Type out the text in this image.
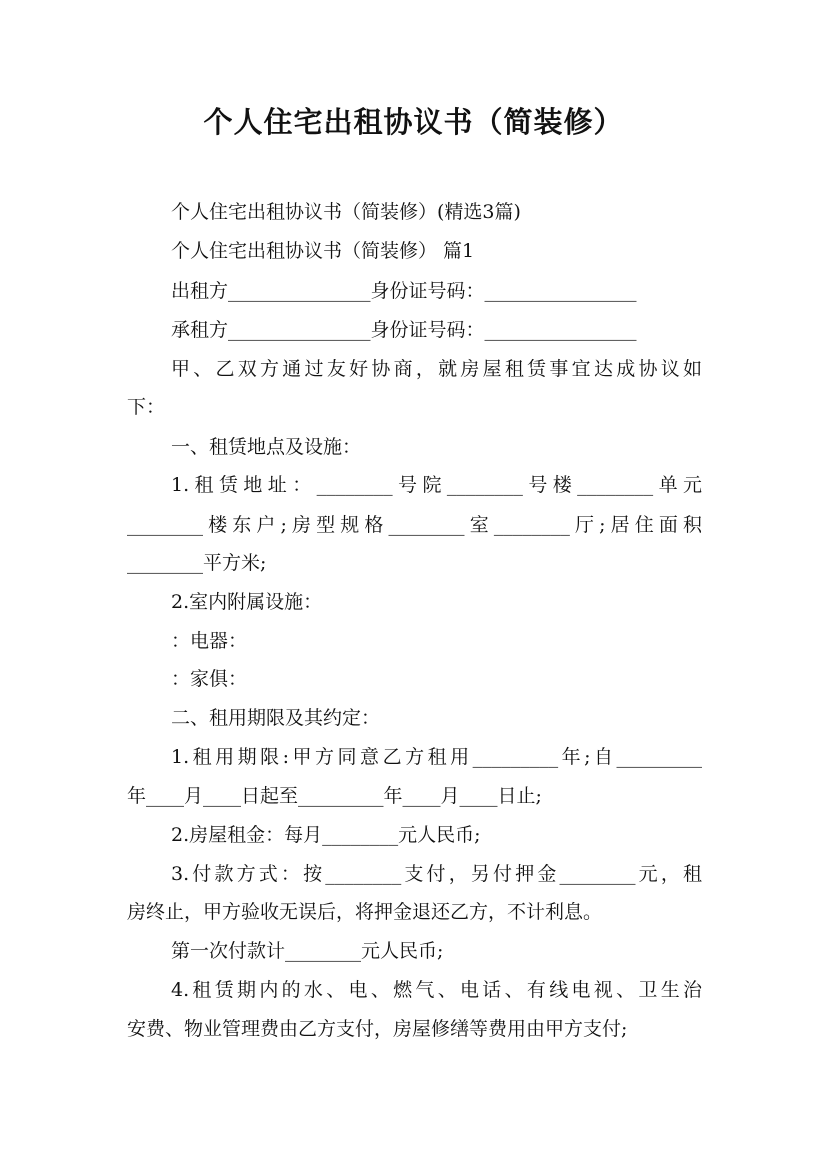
个人住宅出租协议书（简装修）
个人住宅出租协议书（简装修）(精选3篇)
个人住宅出租协议书（简装修） 篇1
出租方_______________身份证号码：________________
承租方_______________身份证号码：________________
甲、乙双方通过友好协商，就房屋租赁事宜达成协议如
下：
一、租赁地点及设施：
1.租赁地址：________号院________号楼________单元
________楼东户;房型规格________室________厅;居住面积
________平方米;
2.室内附属设施：
：电器：
：家俱：
二、租用期限及其约定：
1.租用期限:甲方同意乙方租用_________年;自_________
年____月____日起至_________年____月____日止;
2.房屋租金：每月________元人民币;
3.付款方式：按________支付，另付押金________元，租
房终止，甲方验收无误后，将押金退还乙方，不计利息。
第一次付款计________元人民币;
4.租赁期内的水、电、燃气、电话、有线电视、卫生治
安费、物业管理费由乙方支付，房屋修缮等费用由甲方支付;
